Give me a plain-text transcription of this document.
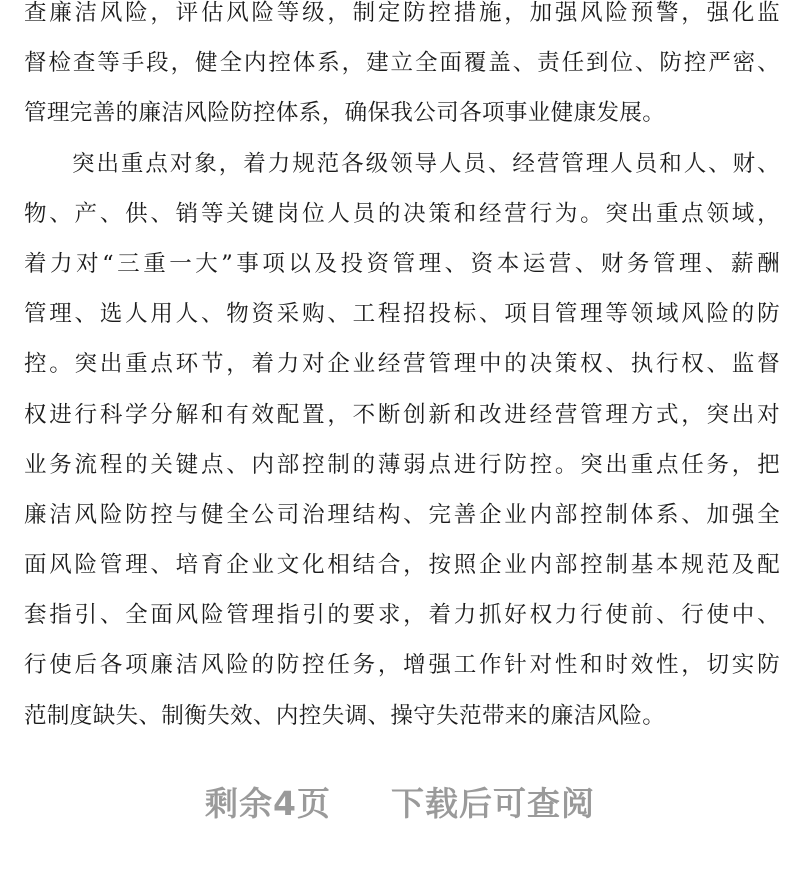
查廉洁风险，评估风险等级，制定防控措施，加强风险预警，强化监
督检查等手段，健全内控体系，建立全面覆盖、责任到位、防控严密、
管理完善的廉洁风险防控体系，确保我公司各项事业健康发展。
突出重点对象，着力规范各级领导人员、经营管理人员和人、财、
物、产、供、销等关键岗位人员的决策和经营行为。突出重点领域，
着力对“三重一大”事项以及投资管理、资本运营、财务管理、薪酬
管理、选人用人、物资采购、工程招投标、项目管理等领域风险的防
控。突出重点环节，着力对企业经营管理中的决策权、执行权、监督
权进行科学分解和有效配置，不断创新和改进经营管理方式，突出对
业务流程的关键点、内部控制的薄弱点进行防控。突出重点任务，把
廉洁风险防控与健全公司治理结构、完善企业内部控制体系、加强全
面风险管理、培育企业文化相结合，按照企业内部控制基本规范及配
套指引、全面风险管理指引的要求，着力抓好权力行使前、行使中、
行使后各项廉洁风险的防控任务，增强工作针对性和时效性，切实防
范制度缺失、制衡失效、内控失调、操守失范带来的廉洁风险。
剩余4页 下载后可查阅
